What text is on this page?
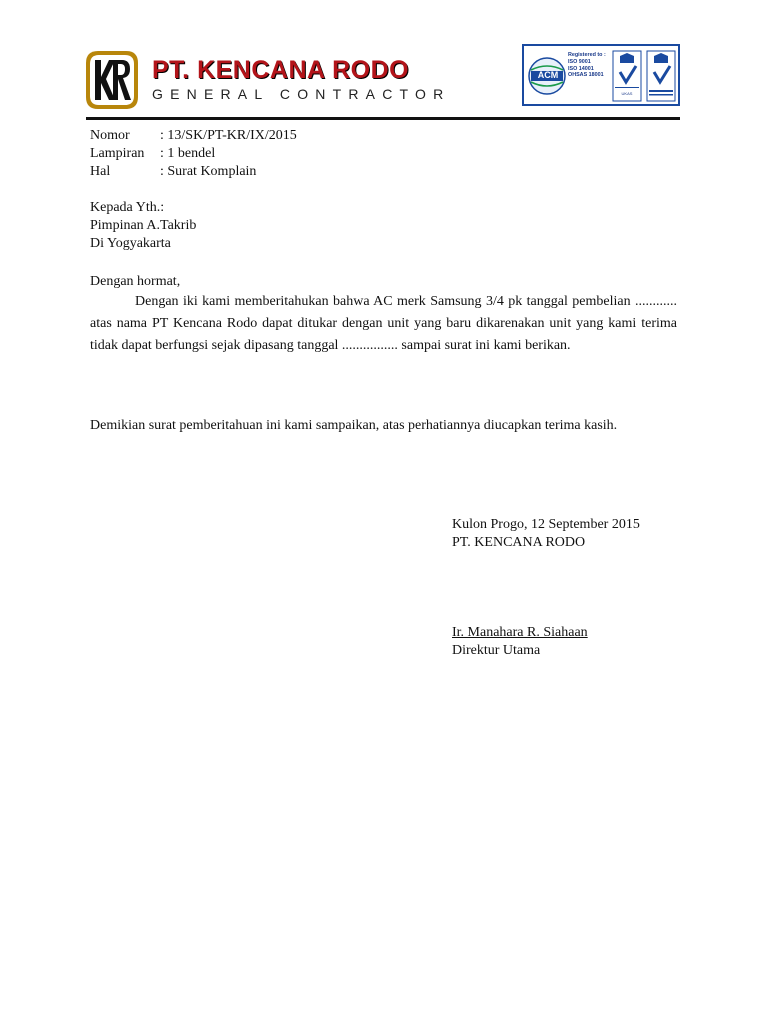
PT. KENCANA RODO
GENERAL CONTRACTOR
ACM
Registered to :
ISO 9001
ISO 14001
OHSAS 18001
UKAS
Nomor : 13/SK/PT-KR/IX/2015
Lampiran : 1 bendel
Hal	: Surat Komplain
Kepada Yth.:
Pimpinan A.Takrib
Di Yogyakarta
Dengan hormat,
Dengan iki kami memberitahukan bahwa AC merk Samsung 3/4 pk tanggal pembelian ............ atas nama PT Kencana Rodo dapat ditukar dengan unit yang baru dikarenakan unit yang kami terima tidak dapat berfungsi sejak dipasang tanggal ................ sampai surat ini kami berikan.
Demikian surat pemberitahuan ini kami sampaikan, atas perhatiannya diucapkan terima kasih.
Kulon Progo, 12 September 2015
PT. KENCANA RODO
Ir. Manahara R. Siahaan
Direktur Utama
